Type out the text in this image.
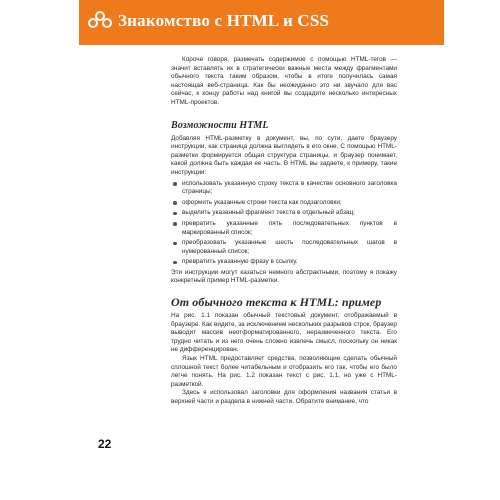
Знакомство с HTML и CSS

Короче говоря, размечать содержимое с помощью HTML-тегов — значит вставлять их в стратегически важные места между фрагментами обычного текста таким образом, чтобы в итоге получилась самая настоящая веб-страница. Как бы неожиданно это ни звучало для вас сейчас, к концу работы над книгой вы создадите несколько интересных HTML-проектов.

Возможности HTML

Добавляя HTML-разметку в документ, вы, по сути, даете браузеру инструкции, как страница должна выглядеть в его окне. С помощью HTML-разметки формируется общая структура страницы, и браузер понимает, какой должна быть каждая ее часть. В HTML вы задаете, к примеру, такие инструкции:

использовать указанную строку текста в качестве основного заголовка страницы;
оформить указанные строки текста как подзаголовки;
выделить указанный фрагмент текста в отдельный абзац;
превратить указанные пять последовательных пунктов в маркированный список;
преобразовать указанные шесть последовательных шагов в нумерованный список;
превратить указанную фразу в ссылку.

Эти инструкции могут казаться немного абстрактными, поэтому я покажу конкретный пример HTML-разметки.

От обычного текста к HTML: пример

На рис. 1.1 показан обычный текстовый документ, отображаемый в браузере. Как видите, за исключением нескольких разрывов строк, браузер выводит массив неотформатированного, неразмеченного текста. Его трудно читать и из него очень сложно извлечь смысл, поскольку он никак не дифференцирован.

Язык HTML предоставляет средства, позволяющие сделать обычный сплошной текст более читабельным и отобразить его так, чтобы его было легче понять. На рис. 1.2 показан текст с рис. 1.1, но уже с HTML-разметкой.

Здесь я использовал заголовки для оформления названия статьи в верхней части и раздела в нижней части. Обратите внимание, что

22
